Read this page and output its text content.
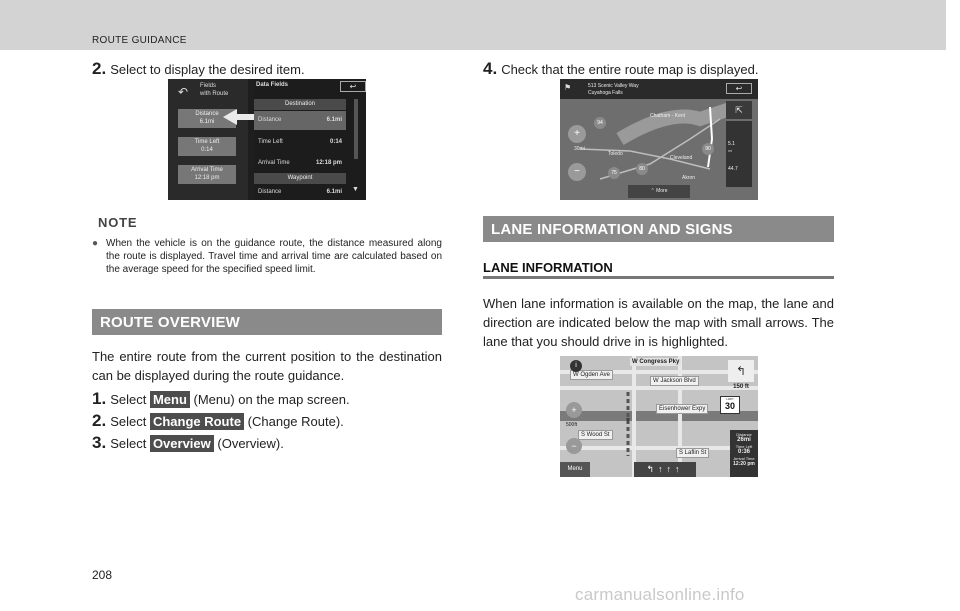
ROUTE GUIDANCE
2. Select to display the desired item.
↶	Fields
with Route
Distance
6.1mi
Time Left
0:14
Arrival Time
12:18 pm
Data Fields	↩
Destination
Distance	6.1mi
Time Left	0:14
Arrival Time	12:18 pm
Waypoint
Distance	6.1mi ▼
NOTE
● When the vehicle is on the guidance route, the distance measured along the route is displayed. Travel time and arrival time are calculated based on the average speed for the specified speed limit.
ROUTE OVERVIEW
The entire route from the current position to the destination can be displayed during the route guidance.
1. Select Menu (Menu) on the map screen.
2. Select Change Route (Change Route).
3. Select Overview (Overview).
208
4. Check that the entire route map is displayed.
⚑	513 Scenic Valley Way
Cuyahoga Falls	↩
⇱
+
−
Chatham - Kent
Toledo
Cleveland
Akron
94
80
90
75
30mi
5.1
mi
44.7
⌃ More
LANE INFORMATION AND SIGNS
LANE INFORMATION
When lane information is available on the map, the lane and direction are indicated below the map with small arrows. The lane that you should drive in is highlighted.
W Congress Pky
W Ogden Ave
W Jackson Blvd
Eisenhower Expy
S Wood St
S Laflin St
i
+
−
500ft
↰
150 ft
LIMIT
30
Distance
26mi
Time Left
0:36
Arrival Time
12:20 pm
Menu	↰↑↑↑
carmanualsonline.info
